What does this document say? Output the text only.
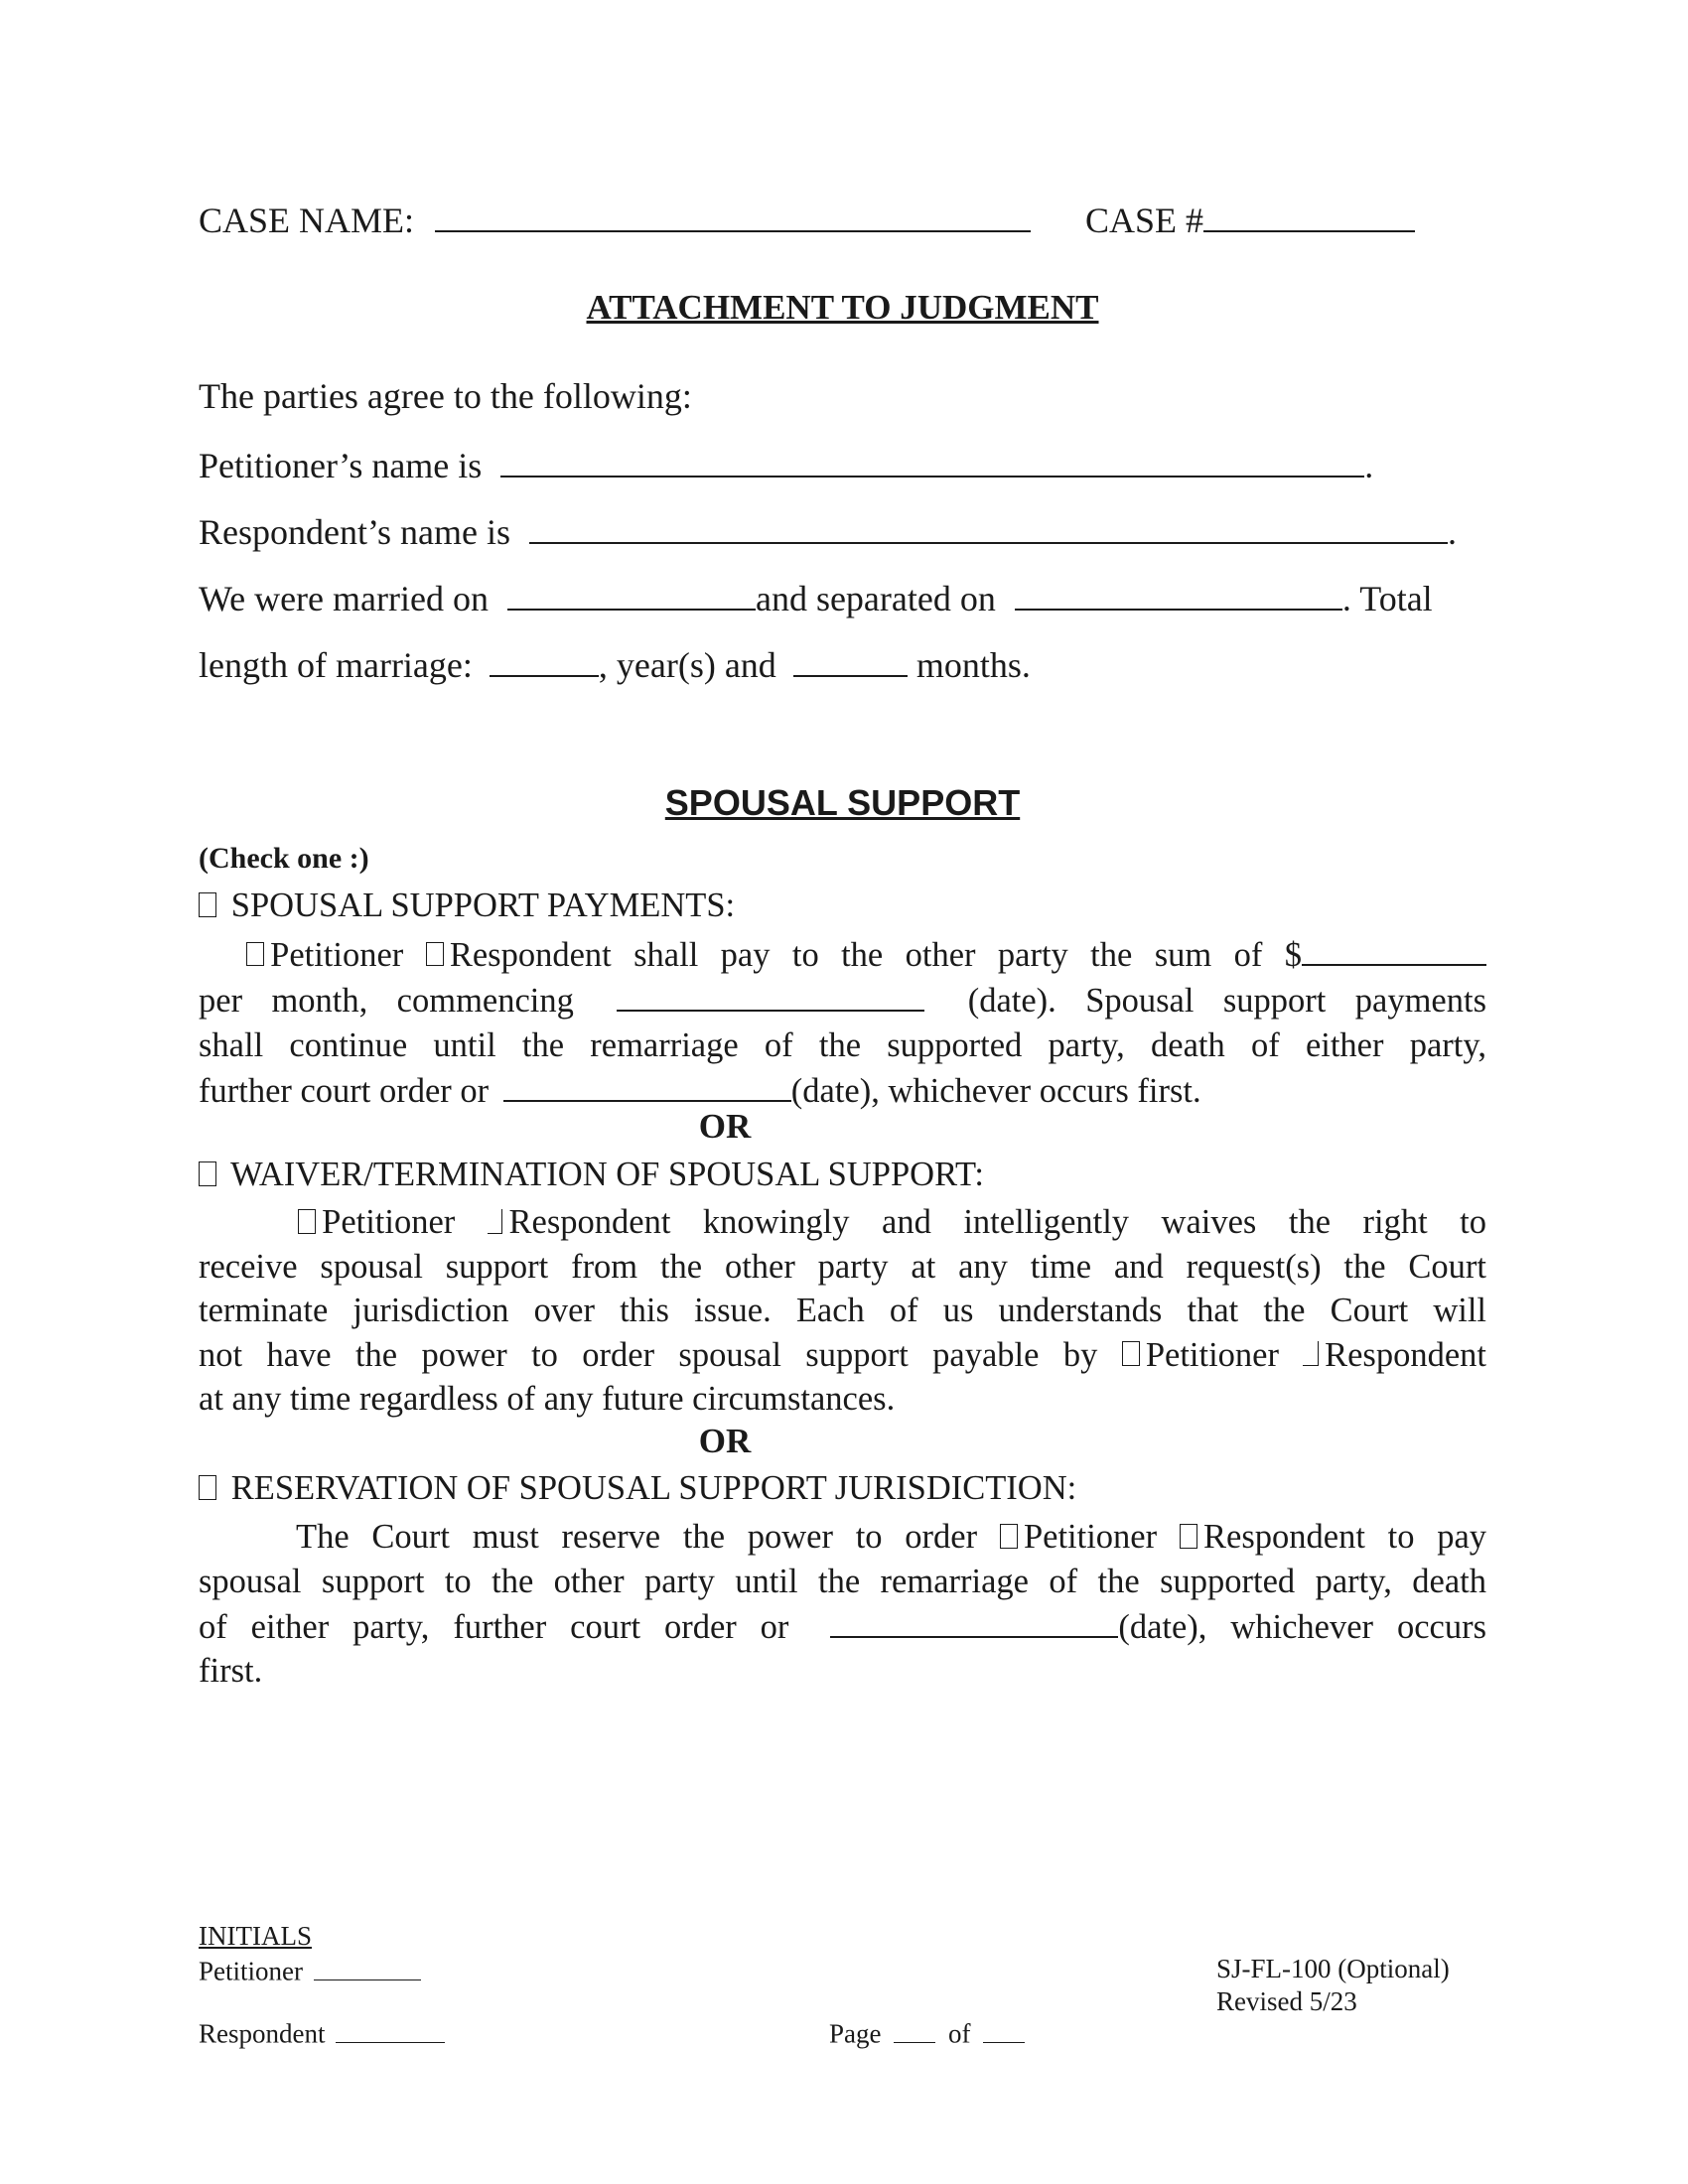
CASE NAME:	CASE #
ATTACHMENT TO JUDGMENT
The parties agree to the following:
Petitioner’s name is	.
Respondent’s name is	.
We were married on	and separated on	. Total
length of marriage:	, year(s) and	months.
SPOUSAL SUPPORT
(Check one :)
SPOUSAL SUPPORT PAYMENTS:

Petitioner Respondent shall pay to the other party the sum of $

per month, commencing	(date). Spousal support payments

shall continue until the remarriage of the supported party, death of either party,

further court order or	(date), whichever occurs first.

OR
WAIVER/TERMINATION OF SPOUSAL SUPPORT:

Petitioner Respondent knowingly and intelligently waives the right to

receive spousal support from the other party at any time and request(s) the Court

terminate jurisdiction over this issue. Each of us understands that the Court will

not have the power to order spousal support payable by Petitioner Respondent

at any time regardless of any future circumstances.

OR
RESERVATION OF SPOUSAL SUPPORT JURISDICTION:

The Court must reserve the power to order Petitioner Respondent to pay

spousal support to the other party until the remarriage of the supported party, death

of either party, further court order or	(date), whichever occurs

first.

INITIALS
Petitioner
Respondent	Page	of
SJ-FL-100 (Optional)
Revised 5/23
